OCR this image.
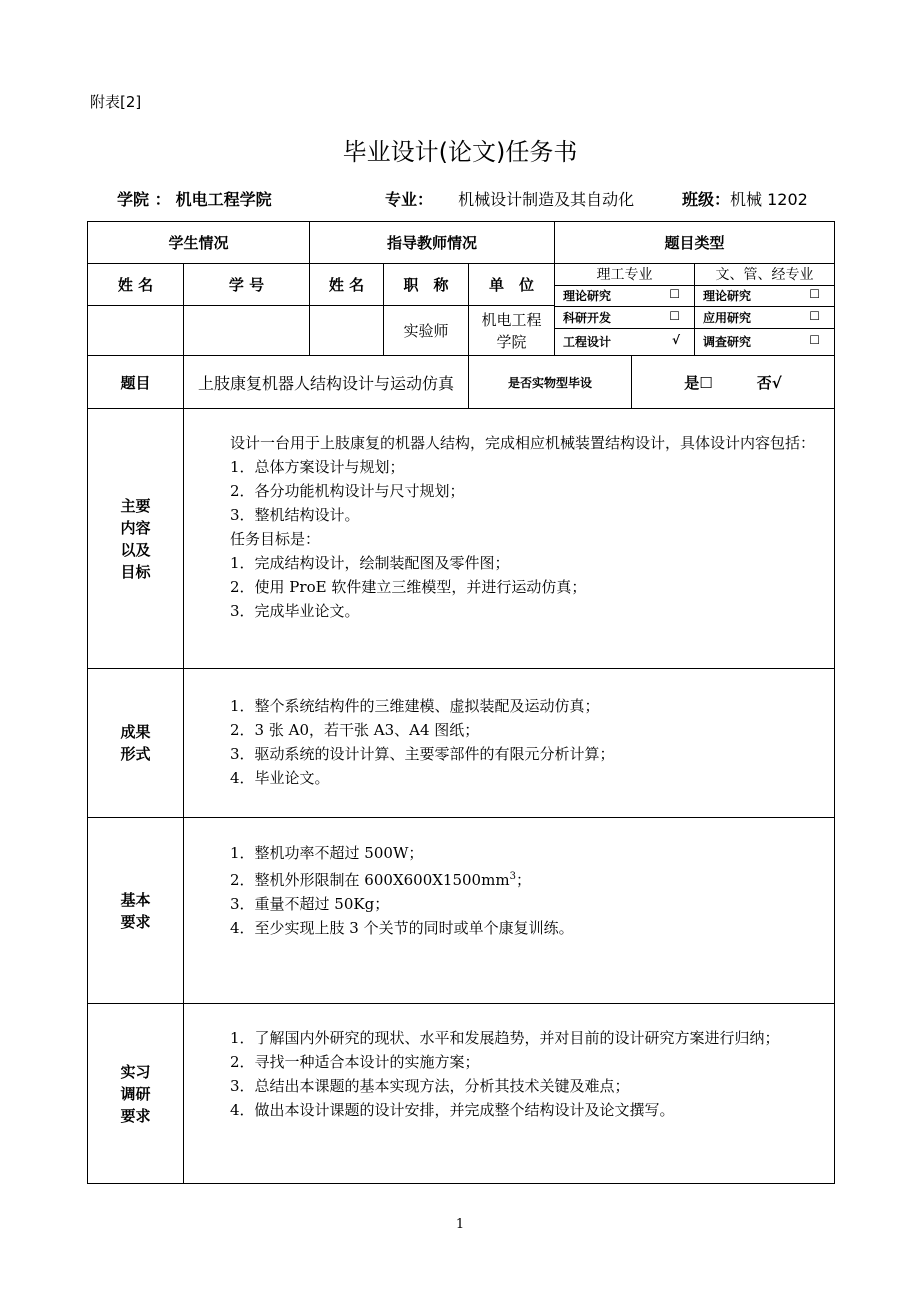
附表[2]
毕业设计(论文)任务书
学院 ： 机电工程学院	专业： 机械设计制造及其自动化	班级：机械 1202
学生情况	指导教师情况	题目类型
姓 名	学 号	姓 名	职　称	单　位	
理工专业	文、管、经专业

理论研究	☐	理论研究	☐

科研开发	☐	应用研究	☐

工程设计	√	调查研究	☐

			实验师	
机电工程
学院

题目	上肢康复机器人结构设计与运动仿真		是否实物型毕设	是☐	否√

主要
内容
以及
目标

设计一台用于上肢康复的机器人结构，完成相应机械装置结构设计，具体设计内容包括：

1．总体方案设计与规划；

2．各分功能机构设计与尺寸规划；

3．整机结构设计。

任务目标是：

1．完成结构设计，绘制装配图及零件图；

2．使用 ProE 软件建立三维模型，并进行运动仿真；

3．完成毕业论文。

成果
形式

1．整个系统结构件的三维建模、虚拟装配及运动仿真；

2．3 张 A0，若干张 A3、A4 图纸；

3．驱动系统的设计计算、主要零部件的有限元分析计算；

4．毕业论文。

基本
要求

1．整机功率不超过 500W；

2．整机外形限制在 $600X600X1500mm^3$；

3．重量不超过 50Kg；

4．至少实现上肢 3 个关节的同时或单个康复训练。

实习
调研
要求

1．了解国内外研究的现状、水平和发展趋势，并对目前的设计研究方案进行归纳；

2．寻找一种适合本设计的实施方案；

3．总结出本课题的基本实现方法，分析其技术关键及难点；

4．做出本设计课题的设计安排，并完成整个结构设计及论文撰写。

1
